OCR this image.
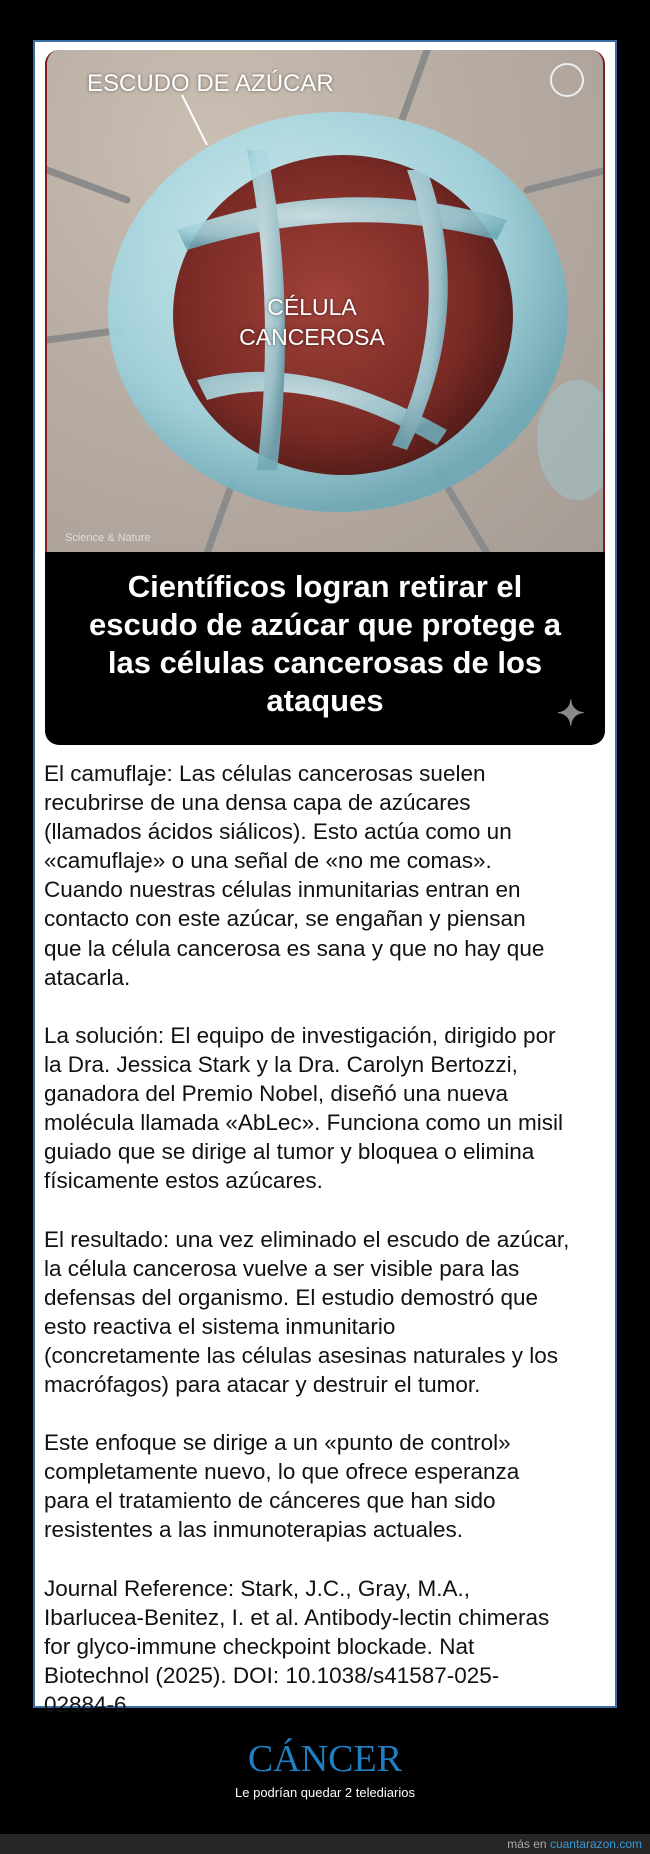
ESCUDO DE AZÚCAR
CÉLULA
CANCEROSA
Science & Nature
Científicos logran retirar el
escudo de azúcar que protege a
las células cancerosas de los
ataques	✦
El camuflaje: Las células cancerosas suelen
recubrirse de una densa capa de azúcares
(llamados ácidos siálicos). Esto actúa como un
«camuflaje» o una señal de «no me comas».
Cuando nuestras células inmunitarias entran en
contacto con este azúcar, se engañan y piensan
que la célula cancerosa es sana y que no hay que
atacarla.
La solución: El equipo de investigación, dirigido por
la Dra. Jessica Stark y la Dra. Carolyn Bertozzi,
ganadora del Premio Nobel, diseñó una nueva
molécula llamada «AbLec». Funciona como un misil
guiado que se dirige al tumor y bloquea o elimina
físicamente estos azúcares.
El resultado: una vez eliminado el escudo de azúcar,
la célula cancerosa vuelve a ser visible para las
defensas del organismo. El estudio demostró que
esto reactiva el sistema inmunitario
(concretamente las células asesinas naturales y los
macrófagos) para atacar y destruir el tumor.
Este enfoque se dirige a un «punto de control»
completamente nuevo, lo que ofrece esperanza
para el tratamiento de cánceres que han sido
resistentes a las inmunoterapias actuales.
Journal Reference: Stark, J.C., Gray, M.A.,
Ibarlucea-Benitez, I. et al. Antibody-lectin chimeras
for glyco-immune checkpoint blockade. Nat
Biotechnol (2025). DOI: 10.1038/s41587-025-
02884-6
CÁNCER
Le podrían quedar 2 telediarios
más en cuantarazon.com
